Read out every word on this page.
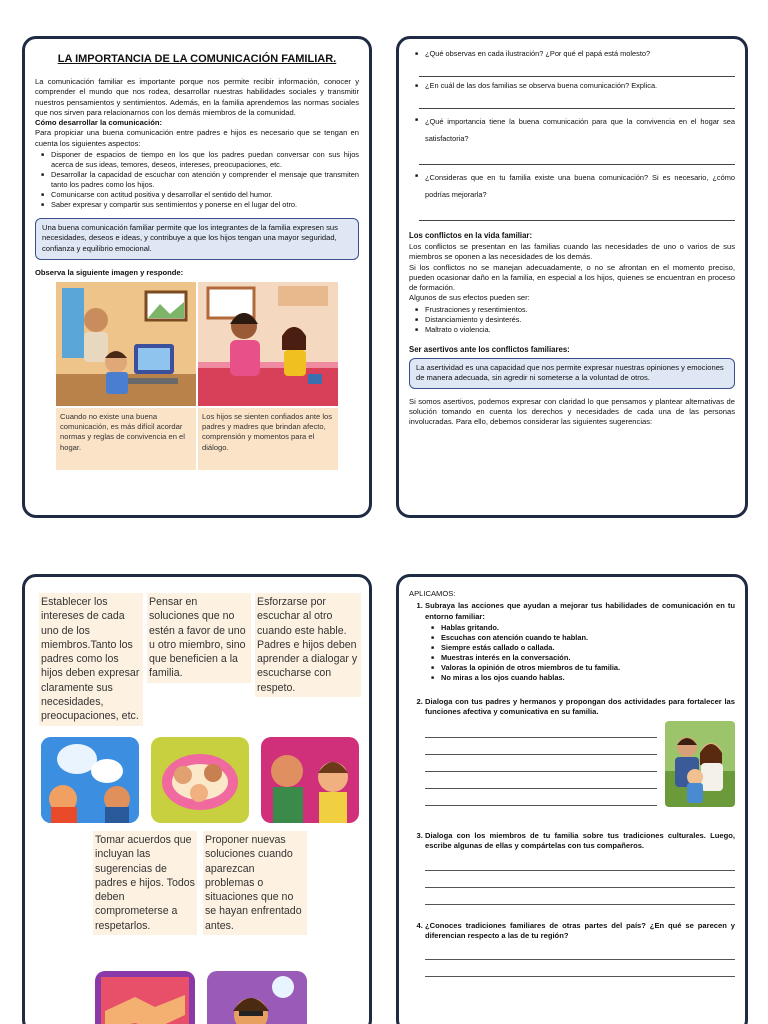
LA IMPORTANCIA DE LA COMUNICACIÓN FAMILIAR.
La comunicación familiar es importante porque nos permite recibir información, conocer y comprender el mundo que nos rodea, desarrollar nuestras habilidades sociales y transmitir nuestros pensamientos y sentimientos. Además, en la familia aprendemos las normas sociales que nos sirven para relacionarnos con los demás miembros de la comunidad.
Cómo desarrollar la comunicación:
Para propiciar una buena comunicación entre padres e hijos es necesario que se tengan en cuenta los siguientes aspectos:
■ Disponer de espacios de tiempo en los que los padres puedan conversar con sus hijos acerca de sus ideas, temores, deseos, intereses, preocupaciones, etc.
■ Desarrollar la capacidad de escuchar con atención y comprender el mensaje que transmiten tanto los padres como los hijos.
■ Comunicarse con actitud positiva y desarrollar el sentido del humor.
■ Saber expresar y compartir sus sentimientos y ponerse en el lugar del otro.
Una buena comunicación familiar permite que los integrantes de la familia expresen sus necesidades, deseos e ideas, y contribuye a que los hijos tengan una mayor seguridad, confianza y equilibrio emocional.
Observa la siguiente imagen y responde:
Cuando no existe una buena comunicación, es más difícil acordar normas y reglas de convivencia en el hogar.
Los hijos se sienten confiados ante los padres y madres que brindan afecto, comprensión y momentos para el diálogo.
■ ¿Qué observas en cada ilustración? ¿Por qué el papá está molesto?
■ ¿En cuál de las dos familias se observa buena comunicación? Explica.
■ ¿Qué importancia tiene la buena comunicación para que la convivencia en el hogar sea satisfactoria?
■ ¿Consideras que en tu familia existe una buena comunicación? Si es necesario, ¿cómo podrías mejorarla?
Los conflictos en la vida familiar:
Los conflictos se presentan en las familias cuando las necesidades de uno o varios de sus miembros se oponen a las necesidades de los demás.
Si los conflictos no se manejan adecuadamente, o no se afrontan en el momento preciso, pueden ocasionar daño en la familia, en especial a los hijos, quienes se encuentran en proceso de formación.
Algunos de sus efectos pueden ser:
■ Frustraciones y resentimientos.
■ Distanciamiento y desinterés.
■ Maltrato o violencia.
Ser asertivos ante los conflictos familiares:
La asertividad es una capacidad que nos permite expresar nuestras opiniones y emociones de manera adecuada, sin agredir ni someterse a la voluntad de otros.
Si somos asertivos, podemos expresar con claridad lo que pensamos y plantear alternativas de solución tomando en cuenta los derechos y necesidades de cada una de las personas involucradas. Para ello, debemos considerar las siguientes sugerencias:
Establecer los intereses de cada uno de los miembros.Tanto los padres como los hijos deben expresar claramente sus necesidades, preocupaciones, etc.
Pensar en soluciones que no estén a favor de uno u otro miembro, sino que beneficien a la familia.
Esforzarse por escuchar al otro cuando este hable. Padres e hijos deben aprender a dialogar y escucharse con respeto.
Tomar acuerdos que incluyan las sugerencias de padres e hijos. Todos deben comprometerse a respetarlos.
Proponer nuevas soluciones cuando aparezcan problemas o situaciones que no se hayan enfrentado antes.
APLICAMOS:
1. Subraya las acciones que ayudan a mejorar tus habilidades de comunicación en tu entorno familiar:
■ Hablas gritando.
■ Escuchas con atención cuando te hablan.
■ Siempre estás callado o callada.
■ Muestras interés en la conversación.
■ Valoras la opinión de otros miembros de tu familia.
■ No miras a los ojos cuando hablas.
2. Dialoga con tus padres y hermanos y propongan dos actividades para fortalecer las funciones afectiva y comunicativa en su familia.
3. Dialoga con los miembros de tu familia sobre tus tradiciones culturales. Luego, escribe algunas de ellas y compártelas con tus compañeros.
4. ¿Conoces tradiciones familiares de otras partes del país? ¿En qué se parecen y diferencian respecto a las de tu región?
